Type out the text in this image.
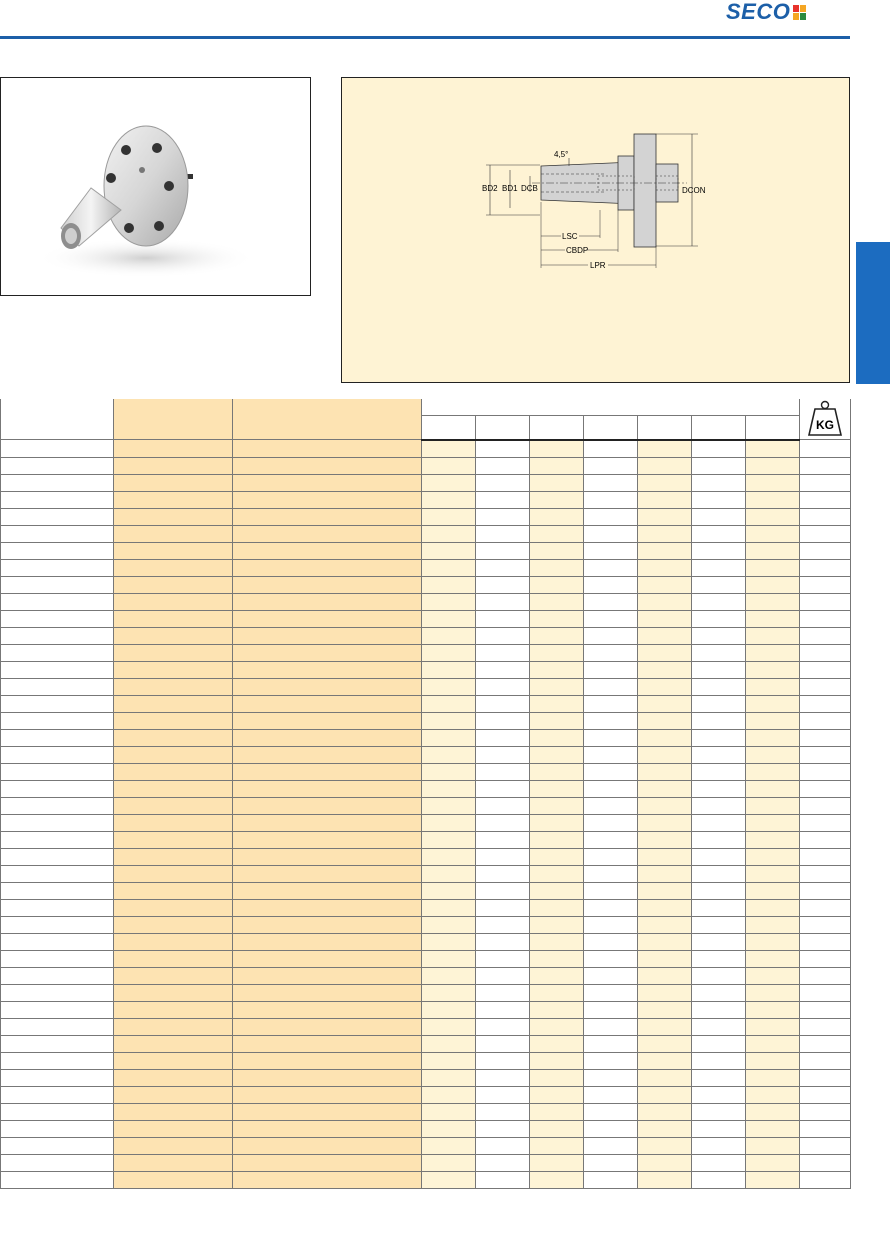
SECO
BD2 BD1 DCB	DCON
4,5°
LSC
CBDP
LPR

KG
